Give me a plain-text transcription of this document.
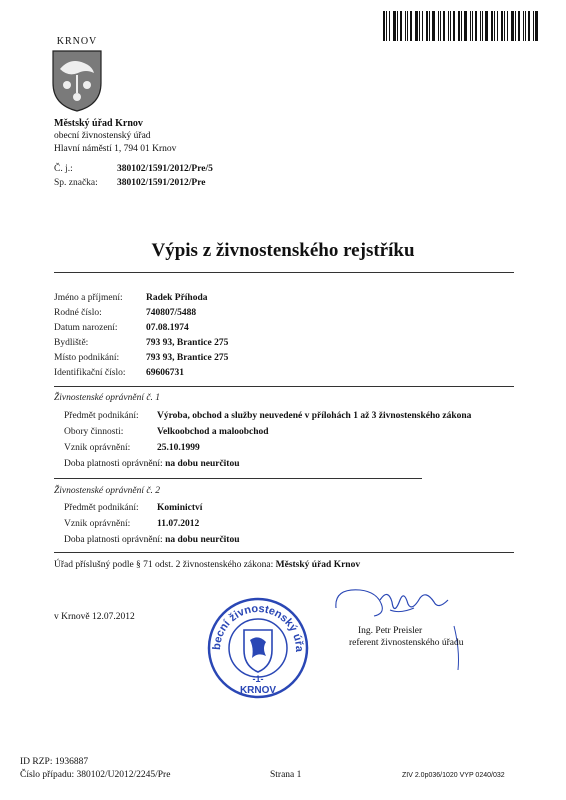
KRNOV
Městský úřad Krnov
obecní živnostenský úřad
Hlavní náměstí 1, 794 01 Krnov
Č. j.:	380102/1591/2012/Pre/5
Sp. značka: 380102/1591/2012/Pre
Výpis z živnostenského rejstříku
Jméno a příjmení: Radek Příhoda
Rodné číslo:	740807/5488
Datum narození:	07.08.1974
Bydliště:	793 93, Brantice 275
Místo podnikání:	793 93, Brantice 275
Identifikační číslo: 69606731
Živnostenské oprávnění č. 1
Předmět podnikání: Výroba, obchod a služby neuvedené v přílohách 1 až 3 živnostenského zákona
Obory činnosti:	Velkoobchod a maloobchod
Vznik oprávnění:	25.10.1999
Doba platnosti oprávnění: na dobu neurčitou
Živnostenské oprávnění č. 2
Předmět podnikání: Kominictví
Vznik oprávnění:	11.07.2012
Doba platnosti oprávnění: na dobu neurčitou
Úřad příslušný podle § 71 odst. 2 živnostenského zákona: Městský úřad Krnov
v Krnově 12.07.2012
becní živnostenský úřa
-1-
KRNOV
Ing. Petr Preisler
referent živnostenského úřadu
ID RZP: 1936887
Číslo případu: 380102/U2012/2245/Pre	Strana 1	ZIV 2.0p036/1020 VYP 0240/032
